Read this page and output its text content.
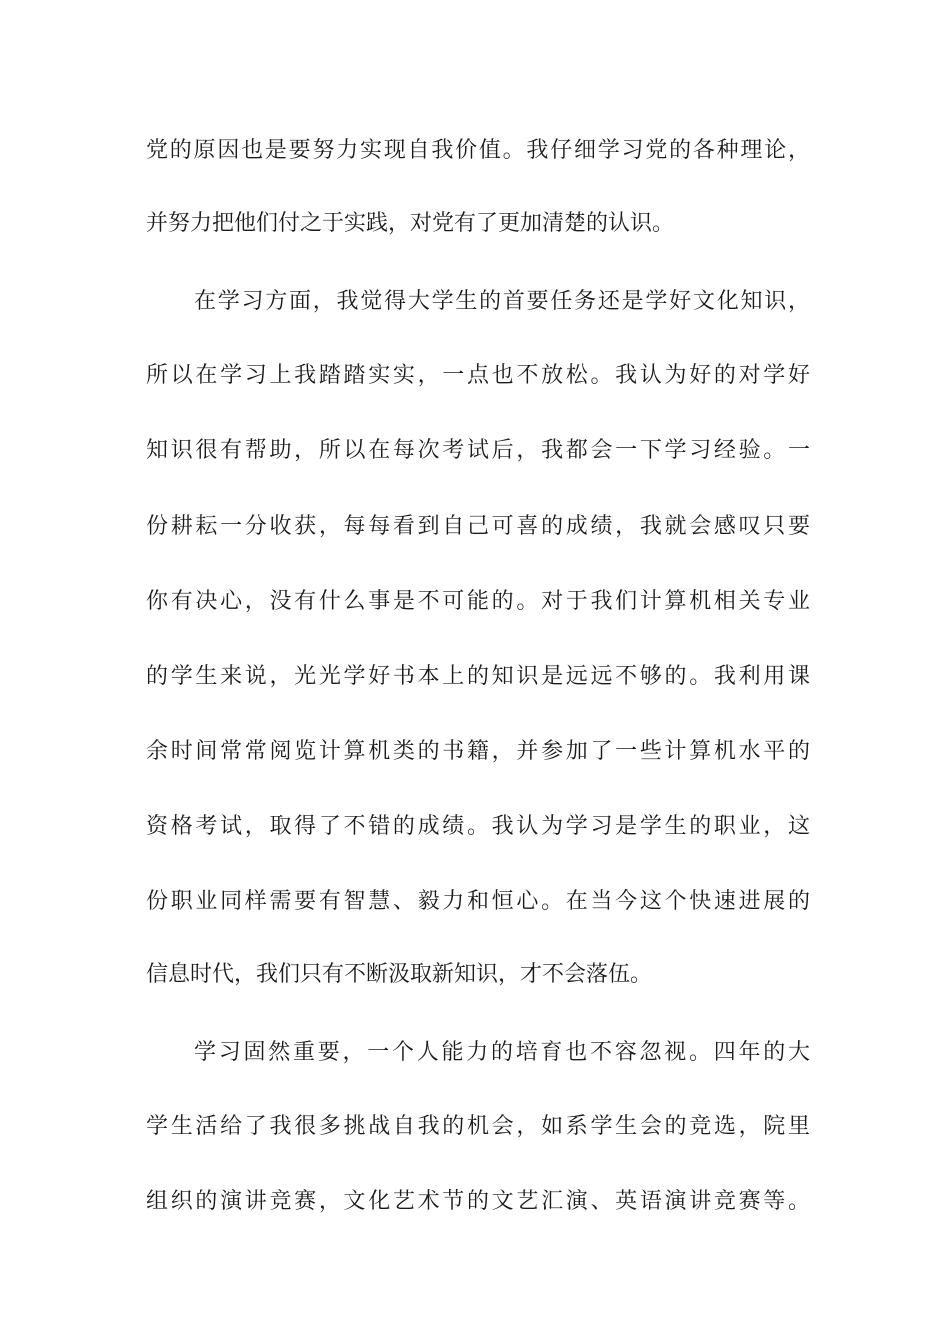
党的原因也是要努力实现自我价值。我仔细学习党的各种理论，
并努力把他们付之于实践，对党有了更加清楚的认识。
在学习方面，我觉得大学生的首要任务还是学好文化知识，
所以在学习上我踏踏实实，一点也不放松。我认为好的对学好
知识很有帮助，所以在每次考试后，我都会一下学习经验。一
份耕耘一分收获，每每看到自己可喜的成绩，我就会感叹只要
你有决心，没有什么事是不可能的。对于我们计算机相关专业
的学生来说，光光学好书本上的知识是远远不够的。我利用课
余时间常常阅览计算机类的书籍，并参加了一些计算机水平的
资格考试，取得了不错的成绩。我认为学习是学生的职业，这
份职业同样需要有智慧、毅力和恒心。在当今这个快速进展的
信息时代，我们只有不断汲取新知识，才不会落伍。
学习固然重要，一个人能力的培育也不容忽视。四年的大
学生活给了我很多挑战自我的机会，如系学生会的竞选，院里
组织的演讲竞赛，文化艺术节的文艺汇演、英语演讲竞赛等。
